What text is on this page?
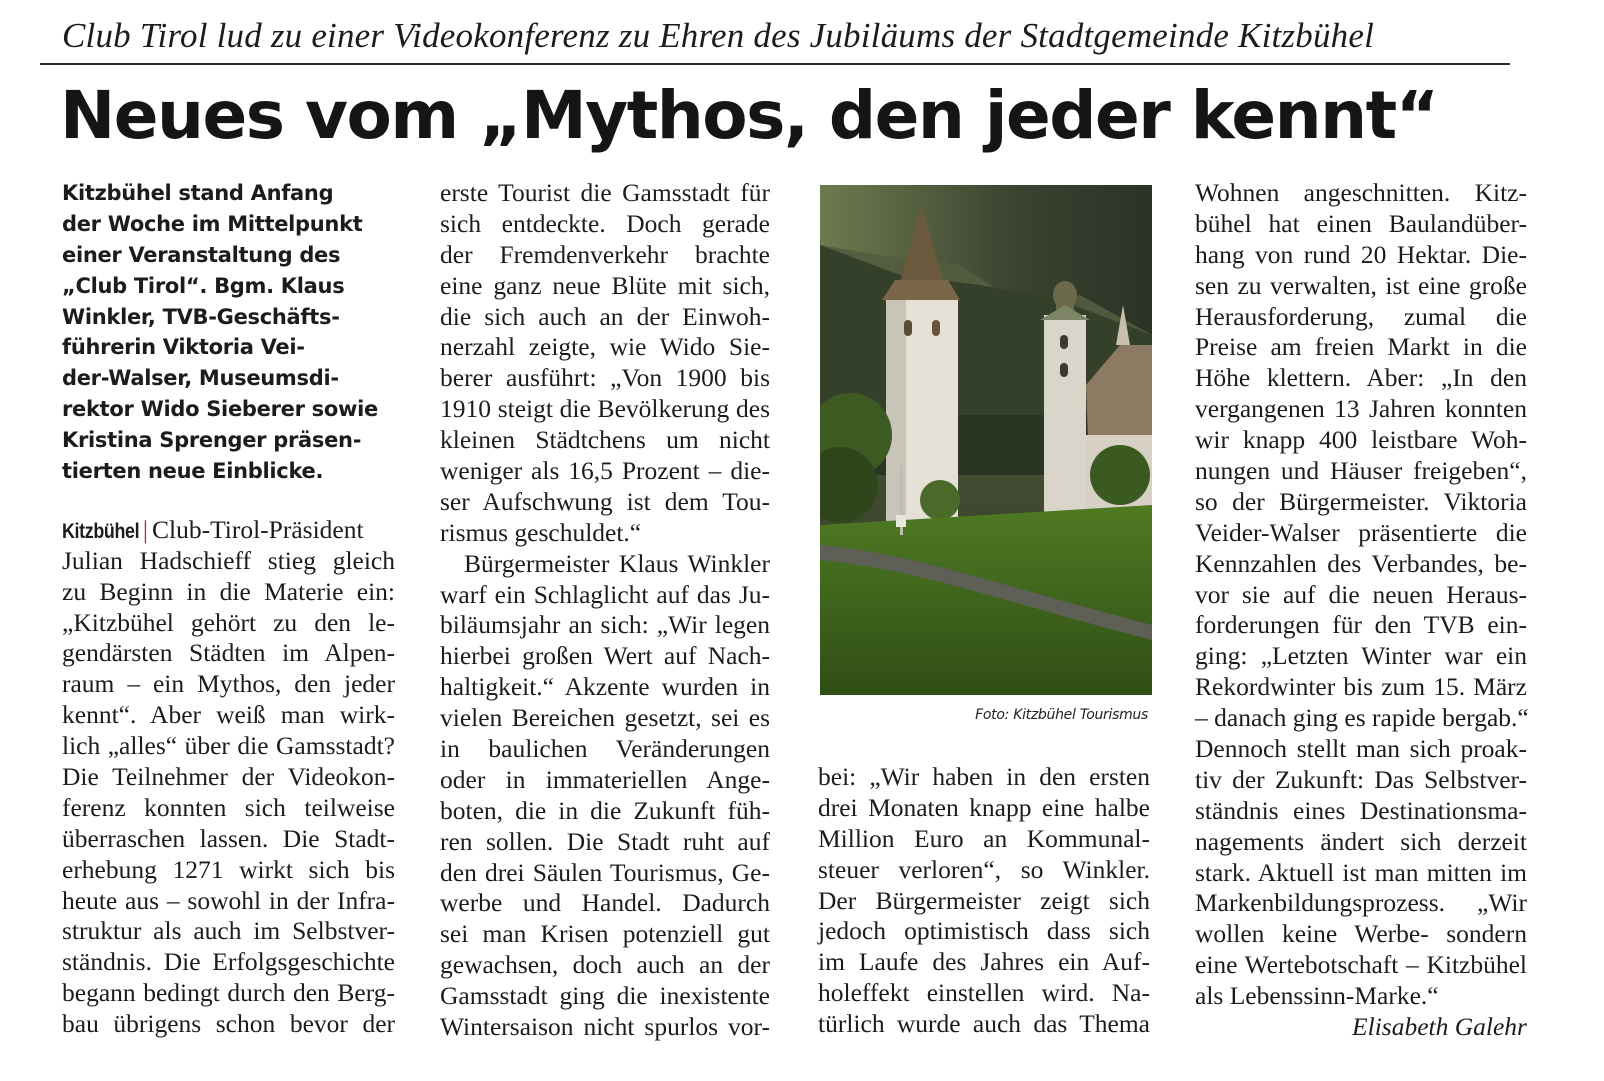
Club Tirol lud zu einer Videokonferenz zu Ehren des Jubiläums der Stadtgemeinde Kitzbühel
Neues vom „Mythos, den jeder kennt“
Kitzbühel stand Anfang
der Woche im Mittelpunkt
einer Veranstaltung des
„Club Tirol“. Bgm. Klaus
Winkler, TVB-Geschäfts-
führerin Viktoria Vei-
der-Walser, Museumsdi-
rektor Wido Sieberer sowie
Kristina Sprenger präsen-
tierten neue Einblicke.
Kitzbühel | Club-Tirol-Präsident
Julian Hadschieff stieg gleich
zu Beginn in die Materie ein:
„Kitzbühel gehört zu den le-
gendärsten Städten im Alpen-
raum – ein Mythos, den jeder
kennt“. Aber weiß man wirk-
lich „alles“ über die Gamsstadt?
Die Teilnehmer der Videokon-
ferenz konnten sich teilweise
überraschen lassen. Die Stadt-
erhebung 1271 wirkt sich bis
heute aus – sowohl in der Infra-
struktur als auch im Selbstver-
ständnis. Die Erfolgsgeschichte
begann bedingt durch den Berg-
bau übrigens schon bevor der
erste Tourist die Gamsstadt für
sich entdeckte. Doch gerade
der Fremdenverkehr brachte
eine ganz neue Blüte mit sich,
die sich auch an der Einwoh-
nerzahl zeigte, wie Wido Sie-
berer ausführt: „Von 1900 bis
1910 steigt die Bevölkerung des
kleinen Städtchens um nicht
weniger als 16,5 Prozent – die-
ser Aufschwung ist dem Tou-
rismus geschuldet.“
Bürgermeister Klaus Winkler
warf ein Schlaglicht auf das Ju-
biläumsjahr an sich: „Wir legen
hierbei großen Wert auf Nach-
haltigkeit.“ Akzente wurden in
vielen Bereichen gesetzt, sei es
in baulichen Veränderungen
oder in immateriellen Ange-
boten, die in die Zukunft füh-
ren sollen. Die Stadt ruht auf
den drei Säulen Tourismus, Ge-
werbe und Handel. Dadurch
sei man Krisen potenziell gut
gewachsen, doch auch an der
Gamsstadt ging die inexistente
Wintersaison nicht spurlos vor-
Foto: Kitzbühel Tourismus
bei: „Wir haben in den ersten
drei Monaten knapp eine halbe
Million Euro an Kommunal-
steuer verloren“, so Winkler.
Der Bürgermeister zeigt sich
jedoch optimistisch dass sich
im Laufe des Jahres ein Auf-
holeffekt einstellen wird. Na-
türlich wurde auch das Thema
Wohnen angeschnitten. Kitz-
bühel hat einen Baulandüber-
hang von rund 20 Hektar. Die-
sen zu verwalten, ist eine große
Herausforderung, zumal die
Preise am freien Markt in die
Höhe klettern. Aber: „In den
vergangenen 13 Jahren konnten
wir knapp 400 leistbare Woh-
nungen und Häuser freigeben“,
so der Bürgermeister. Viktoria
Veider-Walser präsentierte die
Kennzahlen des Verbandes, be-
vor sie auf die neuen Heraus-
forderungen für den TVB ein-
ging: „Letzten Winter war ein
Rekordwinter bis zum 15. März
– danach ging es rapide bergab.“
Dennoch stellt man sich proak-
tiv der Zukunft: Das Selbstver-
ständnis eines Destinationsma-
nagements ändert sich derzeit
stark. Aktuell ist man mitten im
Markenbildungsprozess. „Wir
wollen keine Werbe- sondern
eine Wertebotschaft – Kitzbühel
als Lebenssinn-Marke.“
Elisabeth Galehr
